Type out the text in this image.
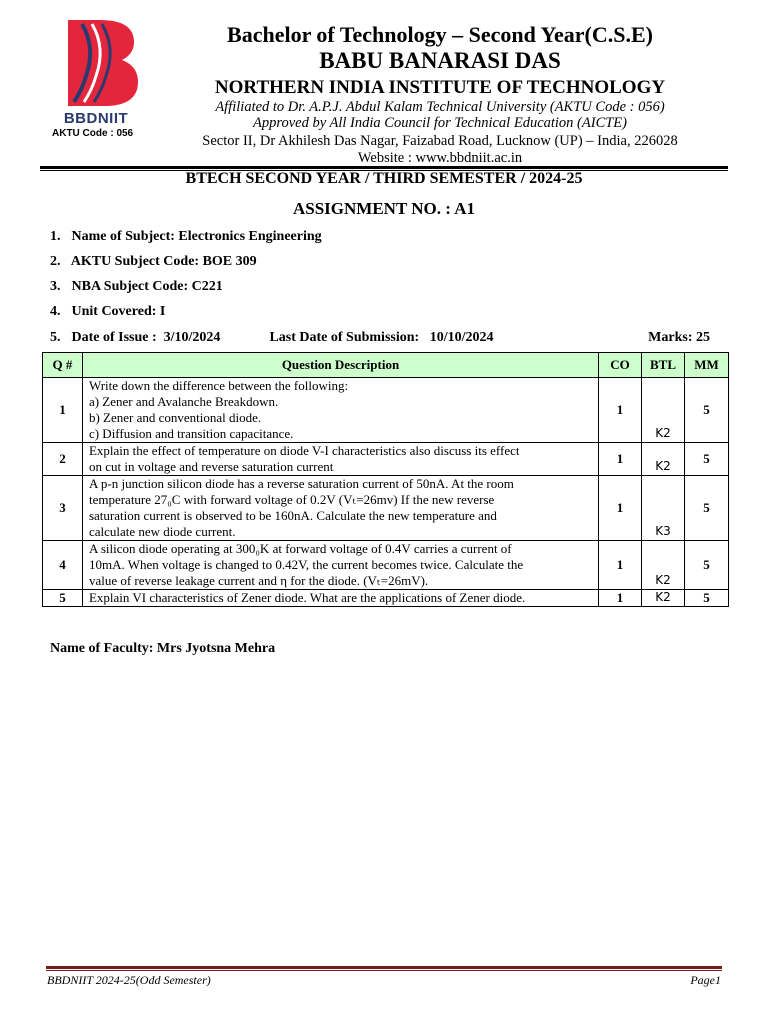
BBDNIIT
AKTU Code : 056
Bachelor of Technology – Second Year(C.S.E)
BABU BANARASI DAS
NORTHERN INDIA INSTITUTE OF TECHNOLOGY
Affiliated to Dr. A.P.J. Abdul Kalam Technical University (AKTU Code : 056)
Approved by All India Council for Technical Education (AICTE)
Sector II, Dr Akhilesh Das Nagar, Faizabad Road, Lucknow (UP) – India, 226028
Website : www.bbdniit.ac.in
BTECH SECOND YEAR / THIRD SEMESTER / 2024-25
ASSIGNMENT NO. : A1
1. Name of Subject: Electronics Engineering
2. AKTU Subject Code: BOE 309
3. NBA Subject Code: C221
4. Unit Covered: I
5. Date of Issue : 3/10/2024	Last Date of Submission: 10/10/2024	Marks: 25
Q #	Question Description	CO	BTL	MM
1	Write down the difference between the following:
a) Zener and Avalanche Breakdown.
b) Zener and conventional diode.
c) Diffusion and transition capacitance.	1	K2	5
2	Explain the effect of temperature on diode V-I characteristics also discuss its effect
on cut in voltage and reverse saturation current	1	K2	5
3	A p-n junction silicon diode has a reverse saturation current of 50nA. At the room
temperature 27₀C with forward voltage of 0.2V (Vₜ=26mv) If the new reverse
saturation current is observed to be 160nA. Calculate the new temperature and
calculate new diode current.	1	K3	5
4	A silicon diode operating at 300₀K at forward voltage of 0.4V carries a current of
10mA. When voltage is changed to 0.42V, the current becomes twice. Calculate the
value of reverse leakage current and η for the diode. (Vₜ=26mV).	1	K2	5
5	Explain VI characteristics of Zener diode. What are the applications of Zener diode.	1	K2	5
Name of Faculty: Mrs Jyotsna Mehra
BBDNIIT 2024-25(Odd Semester)	Page1
